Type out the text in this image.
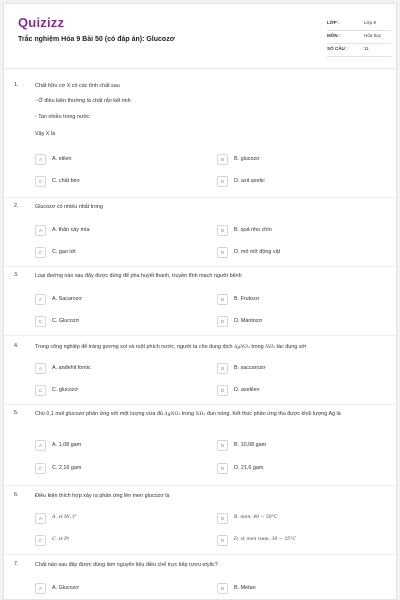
Quizizz
Trắc nghiệm Hóa 9 Bài 50 (có đáp án): Glucozơ
LỚP :	Lớp 9
MÔN :	Hóa học
SỐ CÂU :	11
1.	Chất hữu cơ X có các tính chất sau
- Ở điều kiện thường là chất rắn kết tinh
- Tan nhiều trong nước
Vậy X là
A	A. etilen	B	B. glucozơ
C	C. chất béo	D	D. axit axetic
2.	Glucozơ có nhiều nhất trong
A	A. thân cây mía	B	B. quả nho chín
C	C. gạo lứt	D	D. mô mỡ động vật
3.	Loại đường nào sau đây được dùng để pha huyết thanh, truyền tĩnh mạch người bệnh
A	A. Sacarozơ	B	B. Frutozơ
C	C. Glucozơ	D	D. Mantozơ
4.	Trong công nghiệp để tráng gương soi và ruột phích nước, người ta cho dung dịch AgNO₃ trong NH₃ tác dụng với
A	A. anđehit fomic	B	B. saccarozơ
C	C. glucozơ	D	D. axetilen
5.	Cho 0,1 mol glucozơ phản ứng với một lượng vừa đủ AgNO₃ trong NH₃ đun nóng. Kết thúc phản ứng thu được khối lượng Ag là
A	A. 1,08 gam	B	B. 10,08 gam
C	C. 2,16 gam	D	D. 21,6 gam
6.	Điều kiện thích hợp xảy ra phản ứng lên men glucozơ là
A	A. xt Ni, t°	B	B. men, 40 − 50°C
C	C. xt Pt	D	D. xt men rượu, 30 − 35°C
7.	Chất nào sau đây được dùng làm nguyên liệu điều chế trực tiếp rượu etylic?
A	A. Glucozơ	B	B. Metan
